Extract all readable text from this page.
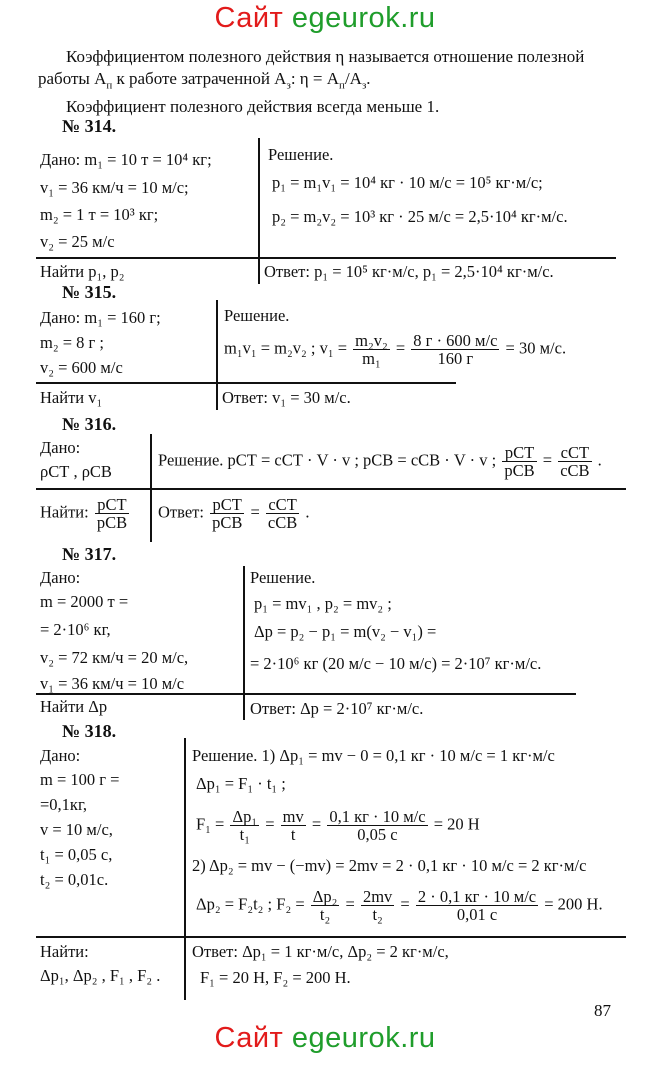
Сайт egeurok.ru

Коэффициентом полезного действия η называется отношение полезной работы $A_п$ к работе затраченной $A_з$: $\eta = A_п/A_з$.

Коэффициент полезного действия всегда меньше 1.

№ 314.
Дано: m₁ = 10 т = 10⁴ кг;
v₁ = 36 км/ч = 10 м/с;
m₂ = 1 т = 10³ кг;
v₂ = 25 м/с
Найти p₁, p₂
Решение.
p₁ = m₁v₁ = 10⁴ кг · 10 м/с = 10⁵ кг·м/с;
p₂ = m₂v₂ = 10³ кг · 25 м/с = 2,5·10⁴ кг·м/с.
Ответ: p₁ = 10⁵ кг·м/с, p₁ = 2,5·10⁴ кг·м/с.
№ 315.
Дано: m₁ = 160 г;
m₂ = 8 г ;
v₂ = 600 м/с
Найти v₁
Решение.
m₁v₁ = m₂v₂ ; $v_1 = \frac{\text{m₂v₂}}{\text{m₁}} = \frac{8 г \cdot 600 м/с}{160 г} = 30$ м/с.
Ответ: v₁ = 30 м/с.
№ 316.
Дано:
ρСТ , ρСВ
Найти: $\frac{\text{pСТ}}{\text{pСВ}}$
Решение. pСТ = cСТ · V · v ; pСВ = cСВ · V · v ; $\frac{\text{pСТ}}{\text{pСВ}} = \frac{\text{cСТ}}{\text{cСВ}}$ .
Ответ: $\frac{\text{pСТ}}{\text{pСВ}} = \frac{\text{cСТ}}{\text{cСВ}}$ .
№ 317.
Дано:
m = 2000 т =
= 2·10⁶ кг,
v₂ = 72 км/ч = 20 м/с,
v₁ = 36 км/ч = 10 м/с
Найти Δp
Решение.
p₁ = mv₁ , p₂ = mv₂ ;
Δp = p₂ − p₁ = m(v₂ − v₁) =
= 2·10⁶ кг (20 м/с − 10 м/с) = 2·10⁷ кг·м/с.
Ответ: Δp = 2·10⁷ кг·м/с.
№ 318.
Дано:
m = 100 г =
=0,1кг,
v = 10 м/с,
t₁ = 0,05 с,
t₂ = 0,01с.
Найти:
Δp₁, Δp₂ , F₁ , F₂ .
Решение. 1) Δp₁ = mv − 0 = 0,1 кг · 10 м/с = 1 кг·м/с
Δp₁ = F₁ · t₁ ;
$F_1 = \frac{\text{Δp₁}}{\text{t₁}} = \frac{mv}{t} = \frac{0,1 кг \cdot 10 м/с}{0,05 с} = 20$ Н
2) Δp₂ = mv − (−mv) = 2mv = 2 · 0,1 кг · 10 м/с = 2 кг·м/с
Δp₂ = F₂t₂ ; $F_2 = \frac{\text{Δp₂}}{\text{t₂}} = \frac{2mv}{\text{t₂}} = \frac{2 \cdot 0,1 кг \cdot 10 м/с}{0,01 с} = 200$ Н.
Ответ: Δp₁ = 1 кг·м/с, Δp₂ = 2 кг·м/с,
F₁ = 20 Н, F₂ = 200 Н.
87
Сайт egeurok.ru
